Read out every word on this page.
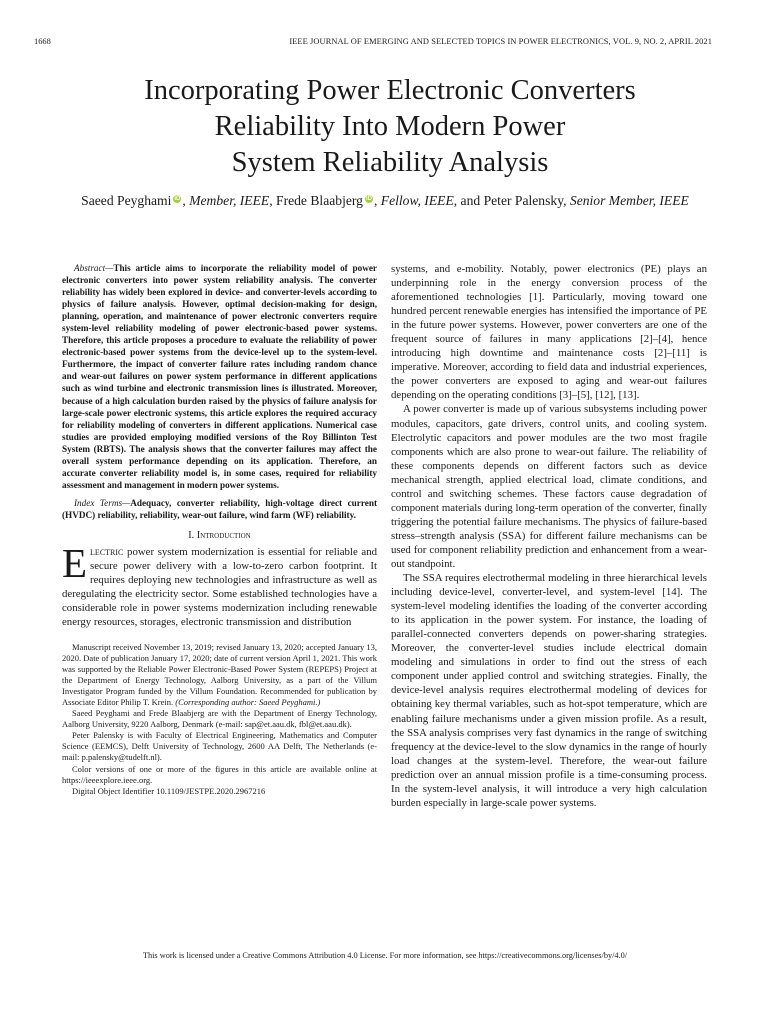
1668	IEEE JOURNAL OF EMERGING AND SELECTED TOPICS IN POWER ELECTRONICS, VOL. 9, NO. 2, APRIL 2021
Incorporating Power Electronic Converters
Reliability Into Modern Power
System Reliability Analysis
Saeed Peyghami iD , Member, IEEE, Frede Blaabjerg iD , Fellow, IEEE, and Peter Palensky, Senior Member, IEEE

Abstract—This article aims to incorporate the reliability model of power electronic converters into power system reliability analysis. The converter reliability has widely been explored in device- and converter-levels according to physics of failure analysis. However, optimal decision-making for design, planning, operation, and maintenance of power electronic converters require system-level reliability modeling of power electronic-based power systems. Therefore, this article proposes a procedure to evaluate the reliability of power electronic-based power systems from the device-level up to the system-level. Furthermore, the impact of converter failure rates including random chance and wear-out failures on power system performance in different applications such as wind turbine and electronic transmission lines is illustrated. Moreover, because of a high calculation burden raised by the physics of failure analysis for large-scale power electronic systems, this article explores the required accuracy for reliability modeling of converters in different applications. Numerical case studies are provided employing modified versions of the Roy Billinton Test System (RBTS). The analysis shows that the converter failures may affect the overall system performance depending on its application. Therefore, an accurate converter reliability model is, in some cases, required for reliability assessment and management in modern power systems.

Index Terms—Adequacy, converter reliability, high-voltage direct current (HVDC) reliability, reliability, wear-out failure, wind farm (WF) reliability.

I. Introduction

Electric power system modernization is essential for reliable and secure power delivery with a low-to-zero carbon footprint. It requires deploying new technologies and infrastructure as well as deregulating the electricity sector. Some established technologies have a considerable role in power systems modernization including renewable energy resources, storages, electronic transmission and distribution

Manuscript received November 13, 2019; revised January 13, 2020; accepted January 13, 2020. Date of publication January 17, 2020; date of current version April 1, 2021. This work was supported by the Reliable Power Electronic-Based Power System (REPEPS) Project at the Department of Energy Technology, Aalborg University, as a part of the Villum Investigator Program funded by the Villum Foundation. Recommended for publication by Associate Editor Philip T. Krein. (Corresponding author: Saeed Peyghami.)

Saeed Peyghami and Frede Blaabjerg are with the Department of Energy Technology, Aalborg University, 9220 Aalborg, Denmark (e-mail: sap@et.aau.dk, fbl@et.aau.dk).

Peter Palensky is with Faculty of Electrical Engineering, Mathematics and Computer Science (EEMCS), Delft University of Technology, 2600 AA Delft, The Netherlands (e-mail: p.palensky@tudelft.nl).

Color versions of one or more of the figures in this article are available online at https://ieeexplore.ieee.org.

Digital Object Identifier 10.1109/JESTPE.2020.2967216

systems, and e-mobility. Notably, power electronics (PE) plays an underpinning role in the energy conversion process of the aforementioned technologies [1]. Particularly, moving toward one hundred percent renewable energies has intensified the importance of PE in the future power systems. However, power converters are one of the frequent source of failures in many applications [2]–[4], hence introducing high downtime and maintenance costs [2]–[11] is imperative. Moreover, according to field data and industrial experiences, the power converters are exposed to aging and wear-out failures depending on the operating conditions [3]–[5], [12], [13].

A power converter is made up of various subsystems including power modules, capacitors, gate drivers, control units, and cooling system. Electrolytic capacitors and power modules are the two most fragile components which are also prone to wear-out failure. The reliability of these components depends on different factors such as device mechanical strength, applied electrical load, climate conditions, and control and switching schemes. These factors cause degradation of component materials during long-term operation of the converter, finally triggering the potential failure mechanisms. The physics of failure-based stress–strength analysis (SSA) for different failure mechanisms can be used for component reliability prediction and enhancement from a wear-out standpoint.

The SSA requires electrothermal modeling in three hierarchical levels including device-level, converter-level, and system-level [14]. The system-level modeling identifies the loading of the converter according to its application in the power system. For instance, the loading of parallel-connected converters depends on power-sharing strategies. Moreover, the converter-level studies include electrical domain modeling and simulations in order to find out the stress of each component under applied control and switching strategies. Finally, the device-level analysis requires electrothermal modeling of devices for obtaining key thermal variables, such as hot-spot temperature, which are enabling failure mechanisms under a given mission profile. As a result, the SSA analysis comprises very fast dynamics in the range of switching frequency at the device-level to the slow dynamics in the range of hourly load changes at the system-level. Therefore, the wear-out failure prediction over an annual mission profile is a time-consuming process. In the system-level analysis, it will introduce a very high calculation burden especially in large-scale power systems.

This work is licensed under a Creative Commons Attribution 4.0 License. For more information, see https://creativecommons.org/licenses/by/4.0/
